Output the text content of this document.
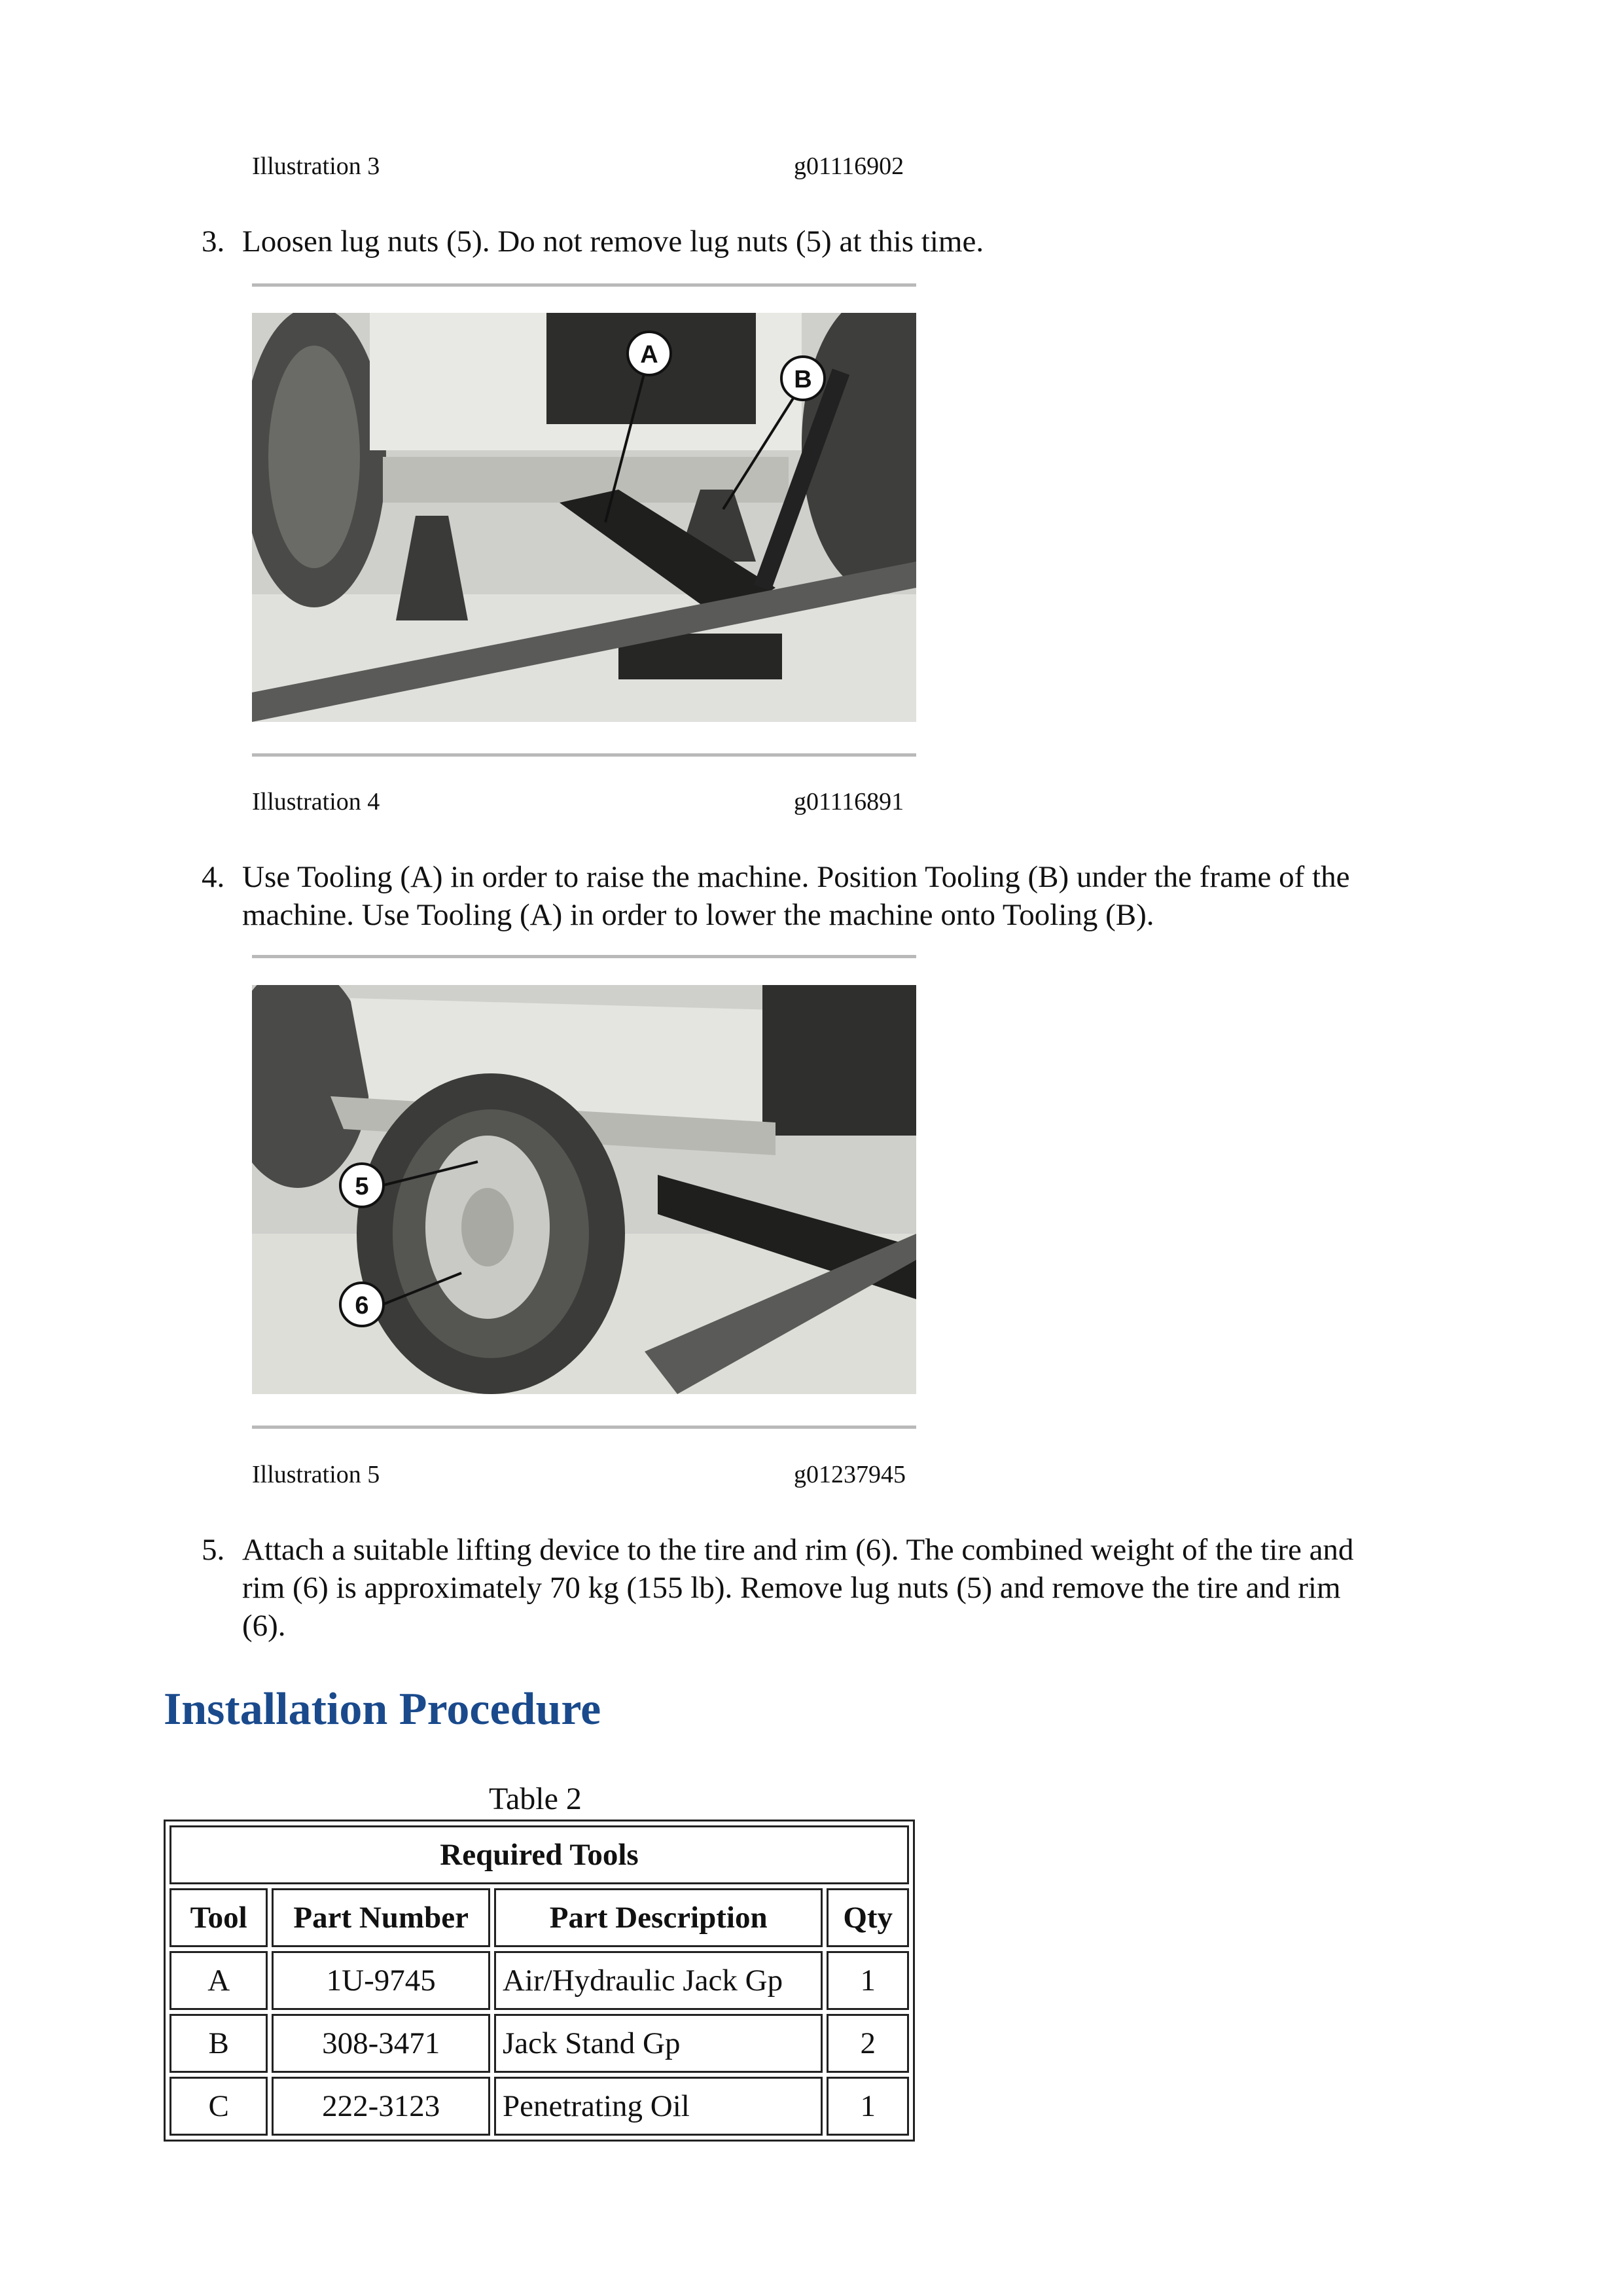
Illustration 3	g01116902
3. Loosen lug nuts (5). Do not remove lug nuts (5) at this time.
A
B
Illustration 4	g01116891
4. Use Tooling (A) in order to raise the machine. Position Tooling (B) under the frame of the
machine. Use Tooling (A) in order to lower the machine onto Tooling (B).
5
6
Illustration 5	g01237945
5. Attach a suitable lifting device to the tire and rim (6). The combined weight of the tire and
rim (6) is approximately 70 kg (155 lb). Remove lug nuts (5) and remove the tire and rim
(6).
Installation Procedure
Table 2
Required Tools			
Tool	Part Number	Part Description	Qty
A	1U-9745	Air/Hydraulic Jack Gp	1
B	308-3471	Jack Stand Gp	2
C	222-3123	Penetrating Oil	1
